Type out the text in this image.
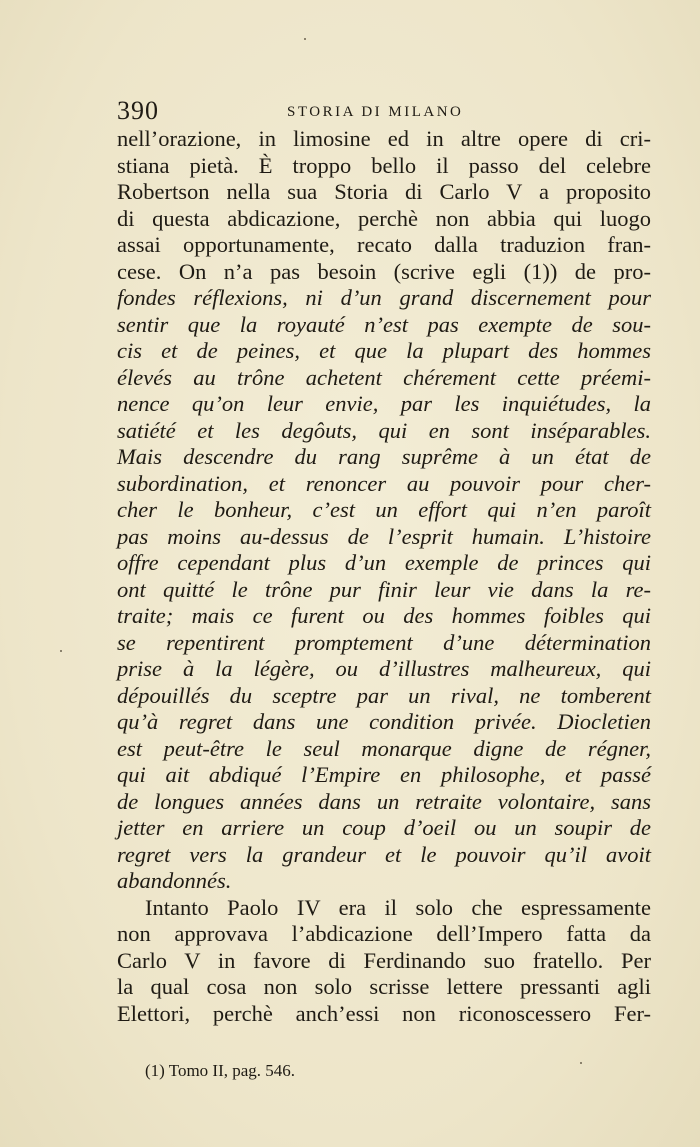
390	STORIA DI MILANO
nell’orazione, in limosine ed in altre opere di cri-
stiana pietà. È troppo bello il passo del celebre
Robertson nella sua Storia di Carlo V a proposito
di questa abdicazione, perchè non abbia qui luogo
assai opportunamente, recato dalla traduzion fran-
cese. On n’a pas besoin (scrive egli (1)) de pro-
fondes réflexions, ni d’un grand discernement pour
sentir que la royauté n’est pas exempte de sou-
cis et de peines, et que la plupart des hommes
élevés au trône achetent chérement cette préemi-
nence qu’on leur envie, par les inquiétudes, la
satiété et les degôuts, qui en sont inséparables.
Mais descendre du rang suprême à un état de
subordination, et renoncer au pouvoir pour cher-
cher le bonheur, c’est un effort qui n’en paroît
pas moins au-dessus de l’esprit humain. L’histoire
offre cependant plus d’un exemple de princes qui
ont quitté le trône pur finir leur vie dans la re-
traite; mais ce furent ou des hommes foibles qui
se repentirent promptement d’une détermination
prise à la légère, ou d’illustres malheureux, qui
dépouillés du sceptre par un rival, ne tomberent
qu’à regret dans une condition privée. Diocletien
est peut-être le seul monarque digne de régner,
qui ait abdiqué l’Empire en philosophe, et passé
de longues années dans un retraite volontaire, sans
jetter en arriere un coup d’oeil ou un soupir de
regret vers la grandeur et le pouvoir qu’il avoit
abandonnés.
Intanto Paolo IV era il solo che espressamente
non approvava l’abdicazione dell’Impero fatta da
Carlo V in favore di Ferdinando suo fratello. Per
la qual cosa non solo scrisse lettere pressanti agli
Elettori, perchè anch’essi non riconoscessero Fer-
(1) Tomo II, pag. 546.
